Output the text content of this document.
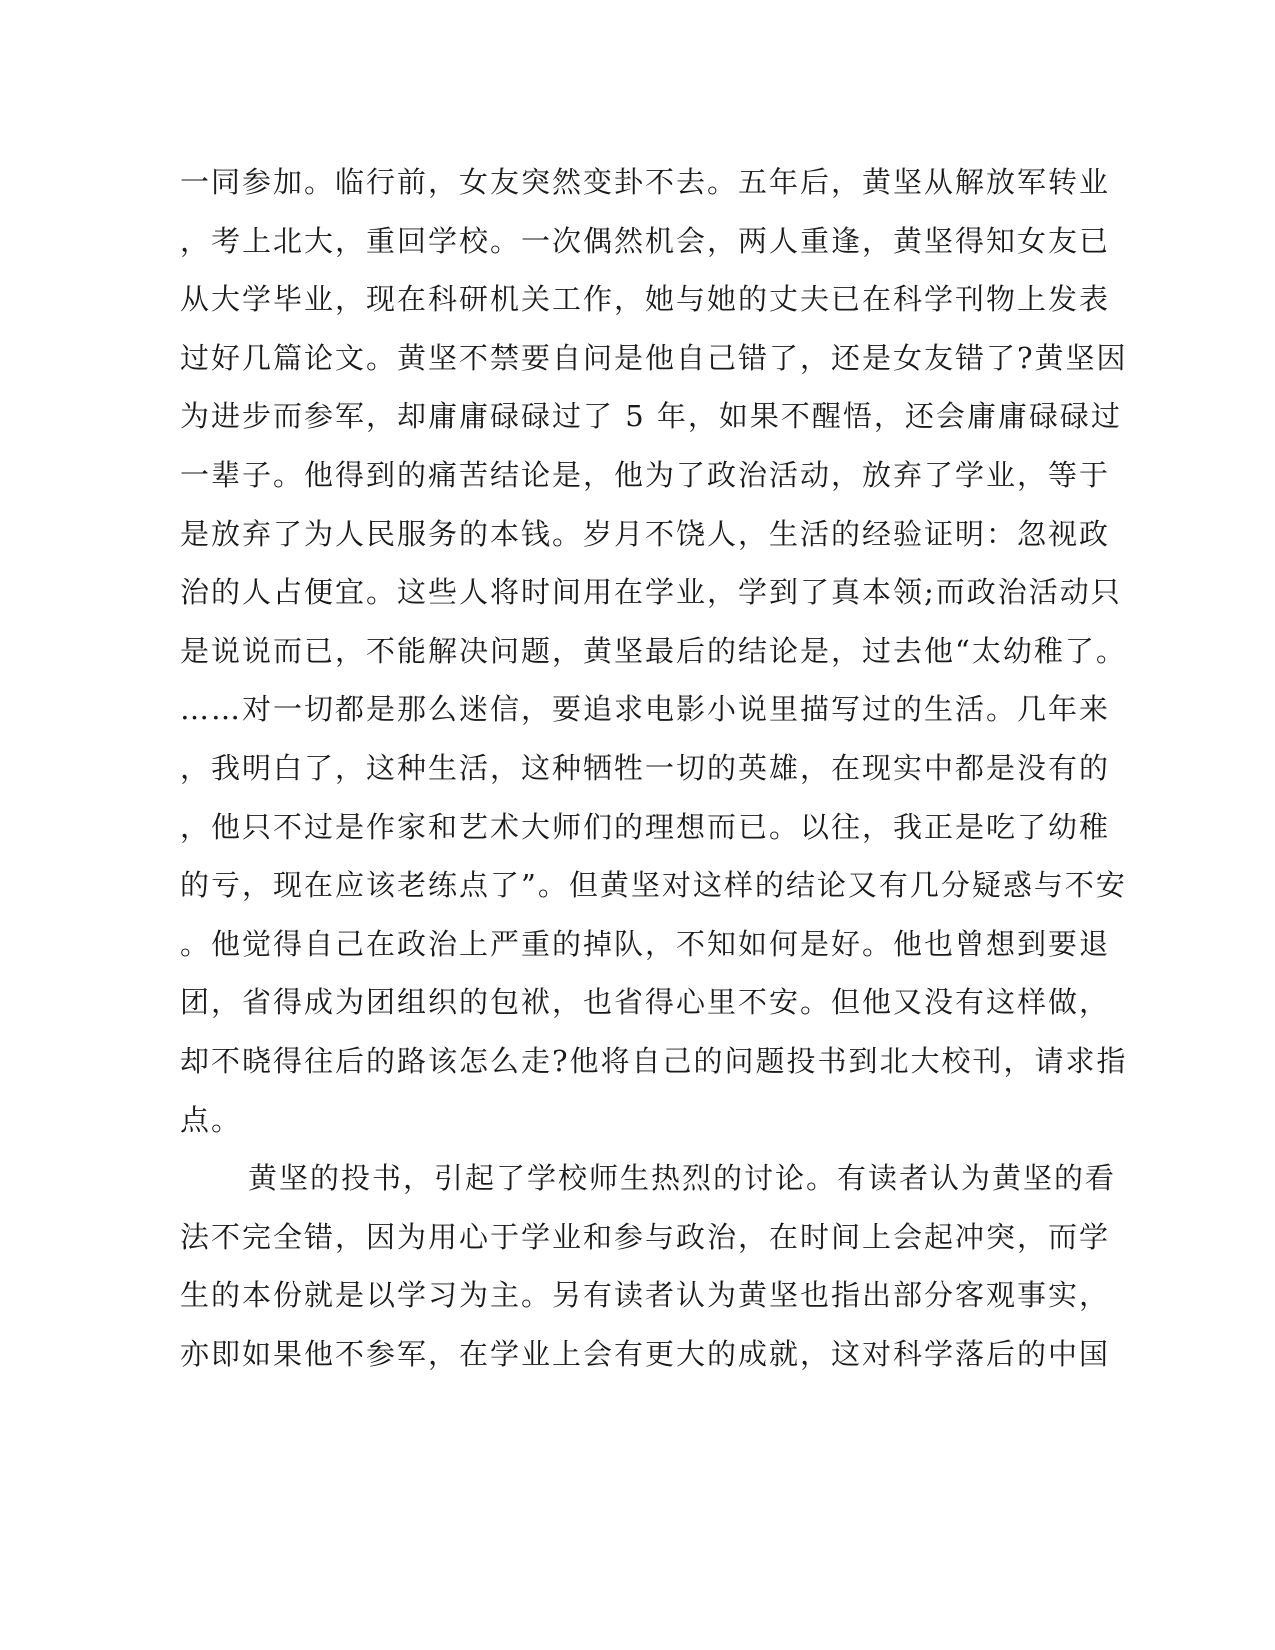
一同参加。临行前，女友突然变卦不去。五年后，黄坚从解放军转业

，考上北大，重回学校。一次偶然机会，两人重逢，黄坚得知女友已

从大学毕业，现在科研机关工作，她与她的丈夫已在科学刊物上发表

过好几篇论文。黄坚不禁要自问是他自己错了，还是女友错了?黄坚因

为进步而参军，却庸庸碌碌过了 5 年，如果不醒悟，还会庸庸碌碌过

一辈子。他得到的痛苦结论是，他为了政治活动，放弃了学业，等于

是放弃了为人民服务的本钱。岁月不饶人，生活的经验证明：忽视政

治的人占便宜。这些人将时间用在学业，学到了真本领;而政治活动只

是说说而已，不能解决问题，黄坚最后的结论是，过去他“太幼稚了。

……对一切都是那么迷信，要追求电影小说里描写过的生活。几年来

，我明白了，这种生活，这种牺牲一切的英雄，在现实中都是没有的

，他只不过是作家和艺术大师们的理想而已。以往，我正是吃了幼稚

的亏，现在应该老练点了”。但黄坚对这样的结论又有几分疑惑与不安

。他觉得自己在政治上严重的掉队，不知如何是好。他也曾想到要退

团，省得成为团组织的包袱，也省得心里不安。但他又没有这样做，

却不晓得往后的路该怎么走?他将自己的问题投书到北大校刊，请求指

点。

黄坚的投书，引起了学校师生热烈的讨论。有读者认为黄坚的看

法不完全错，因为用心于学业和参与政治，在时间上会起冲突，而学

生的本份就是以学习为主。另有读者认为黄坚也指出部分客观事实，

亦即如果他不参军，在学业上会有更大的成就，这对科学落后的中国
